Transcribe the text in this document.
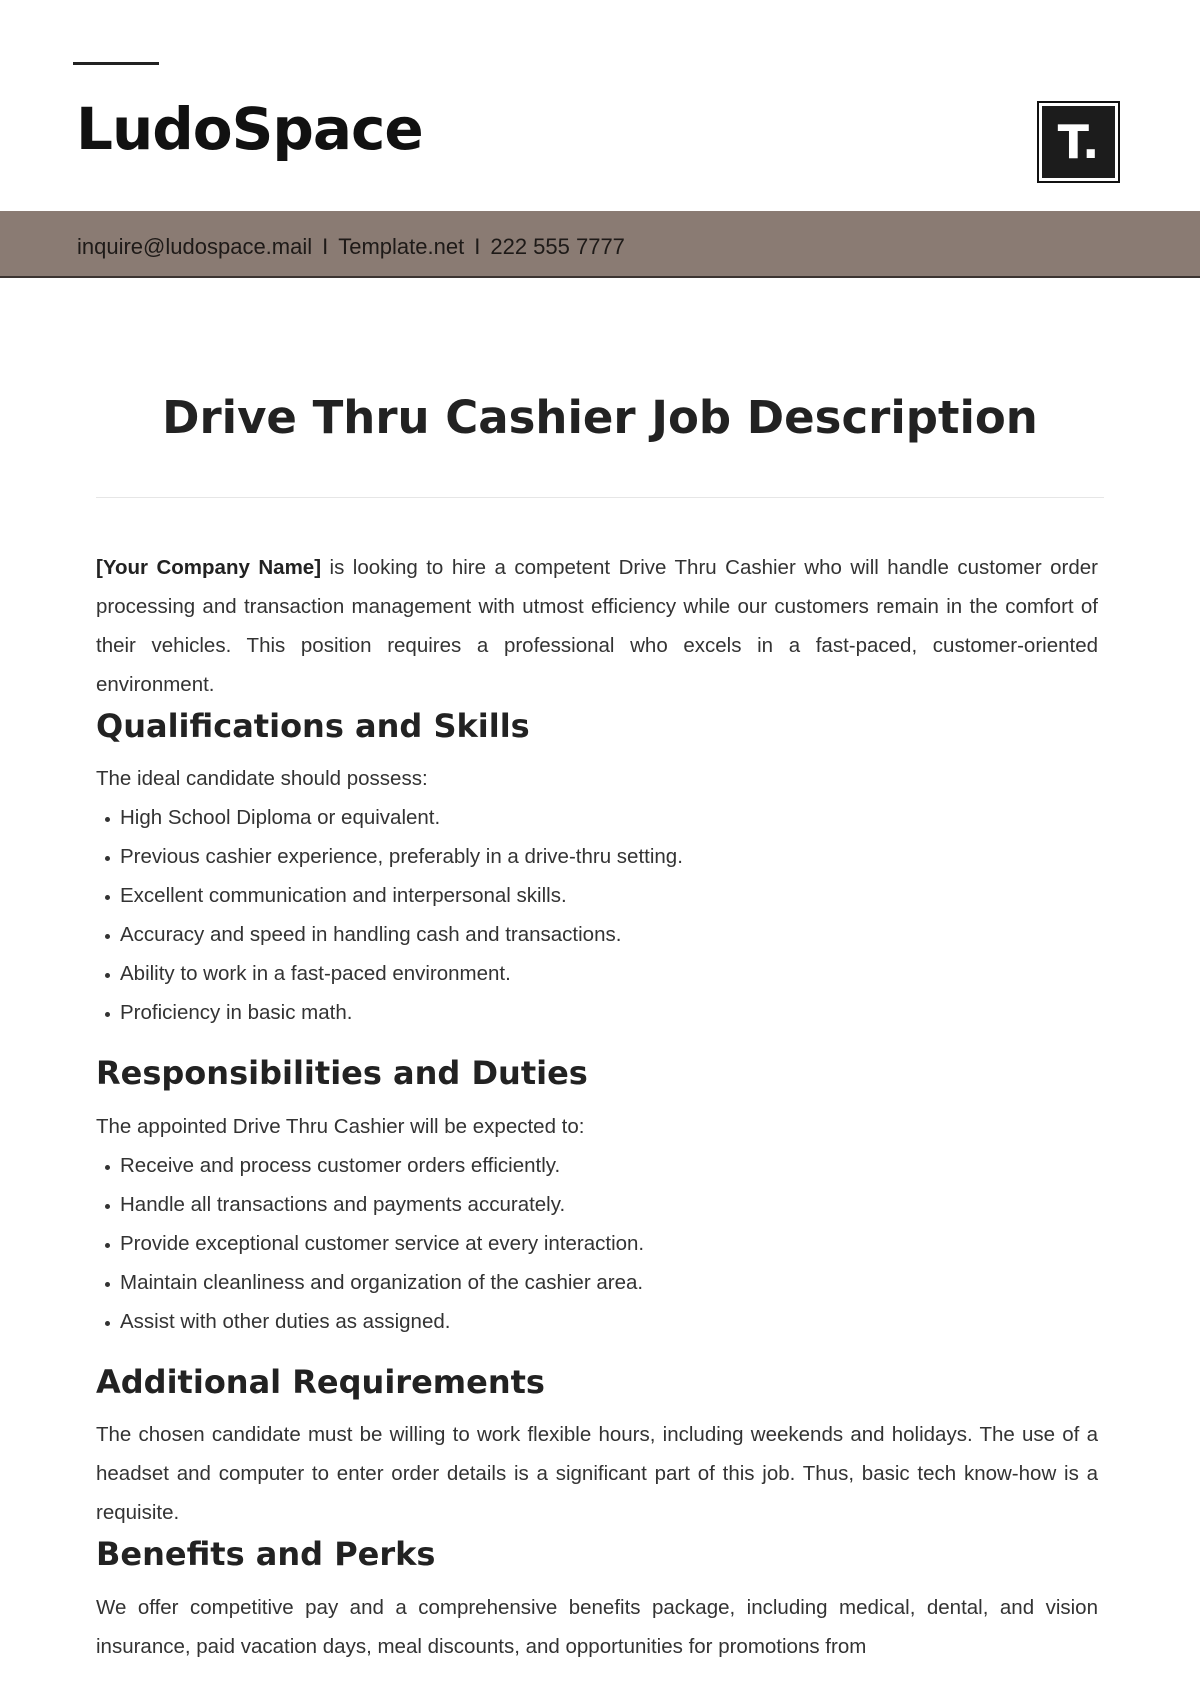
LudoSpace	T.
inquire@ludospace.mail I Template.net I 222 555 7777
Drive Thru Cashier Job Description

[Your Company Name] is looking to hire a competent Drive Thru Cashier who will handle customer order processing and transaction management with utmost efficiency while our customers remain in the comfort of their vehicles. This position requires a professional who excels in a fast-paced, customer-oriented environment.

Qualifications and Skills

The ideal candidate should possess:

High School Diploma or equivalent.
Previous cashier experience, preferably in a drive-thru setting.
Excellent communication and interpersonal skills.
Accuracy and speed in handling cash and transactions.
Ability to work in a fast-paced environment.
Proficiency in basic math.
Responsibilities and Duties

The appointed Drive Thru Cashier will be expected to:

Receive and process customer orders efficiently.
Handle all transactions and payments accurately.
Provide exceptional customer service at every interaction.
Maintain cleanliness and organization of the cashier area.
Assist with other duties as assigned.
Additional Requirements

The chosen candidate must be willing to work flexible hours, including weekends and holidays. The use of a headset and computer to enter order details is a significant part of this job. Thus, basic tech know-how is a requisite.

Benefits and Perks

We offer competitive pay and a comprehensive benefits package, including medical, dental, and vision insurance, paid vacation days, meal discounts, and opportunities for promotions from
